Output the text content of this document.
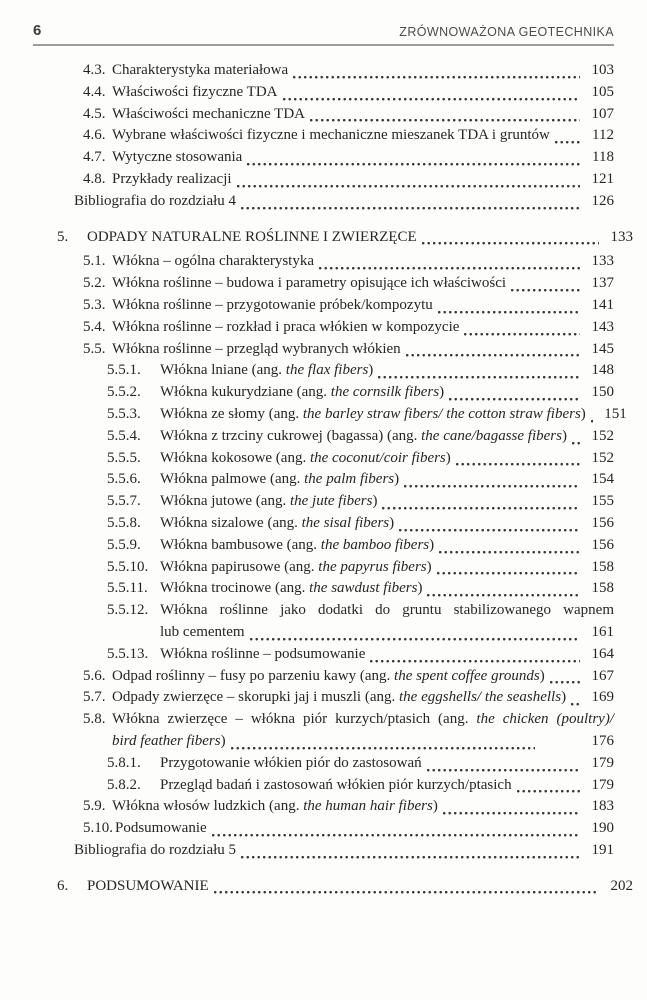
6	ZRÓWNOWAŻONA GEOTECHNIKA
4.3. Charakterystyka materiałowa	103
4.4. Właściwości fizyczne TDA	105
4.5. Właściwości mechaniczne TDA	107
4.6. Wybrane właściwości fizyczne i mechaniczne mieszanek TDA i gruntów	112
4.7. Wytyczne stosowania	118
4.8. Przykłady realizacji	121
Bibliografia do rozdziału 4	126
5.	ODPADY NATURALNE ROŚLINNE I ZWIERZĘCE	133
5.1. Włókna – ogólna charakterystyka	133
5.2. Włókna roślinne – budowa i parametry opisujące ich właściwości	137
5.3. Włókna roślinne – przygotowanie próbek/kompozytu	141
5.4. Włókna roślinne – rozkład i praca włókien w kompozycie	143
5.5. Włókna roślinne – przegląd wybranych włókien	145
5.5.1.	Włókna lniane (ang. the flax fibers)	148
5.5.2.	Włókna kukurydziane (ang. the cornsilk fibers)	150
5.5.3.	Włókna ze słomy (ang. the barley straw fibers/ the cotton straw fibers) 151
5.5.4.	Włókna z trzciny cukrowej (bagassa) (ang. the cane/bagasse fibers) 152
5.5.5.	Włókna kokosowe (ang. the coconut/coir fibers)	152
5.5.6.	Włókna palmowe (ang. the palm fibers)	154
5.5.7.	Włókna jutowe (ang. the jute fibers)	155
5.5.8.	Włókna sizalowe (ang. the sisal fibers)	156
5.5.9.	Włókna bambusowe (ang. the bamboo fibers)	156
5.5.10. Włókna papirusowe (ang. the papyrus fibers)	158
5.5.11. Włókna trocinowe (ang. the sawdust fibers)	158
5.5.12. Włókna roślinne jako dodatki do gruntu stabilizowanego wapnem
lub cementem	161
5.5.13. Włókna roślinne – podsumowanie	164
5.6. Odpad roślinny – fusy po parzeniu kawy (ang. the spent coffee grounds)	167
5.7. Odpady zwierzęce – skorupki jaj i muszli (ang. the eggshells/ the seashells) 169
5.8. Włókna zwierzęce – włókna piór kurzych/ptasich (ang. the chicken (poultry)/
bird feather fibers)	176
5.8.1.	Przygotowanie włókien piór do zastosowań	179
5.8.2.	Przegląd badań i zastosowań włókien piór kurzych/ptasich	179
5.9. Włókna włosów ludzkich (ang. the human hair fibers)	183
5.10. Podsumowanie	190
Bibliografia do rozdziału 5	191
6.	PODSUMOWANIE	202
